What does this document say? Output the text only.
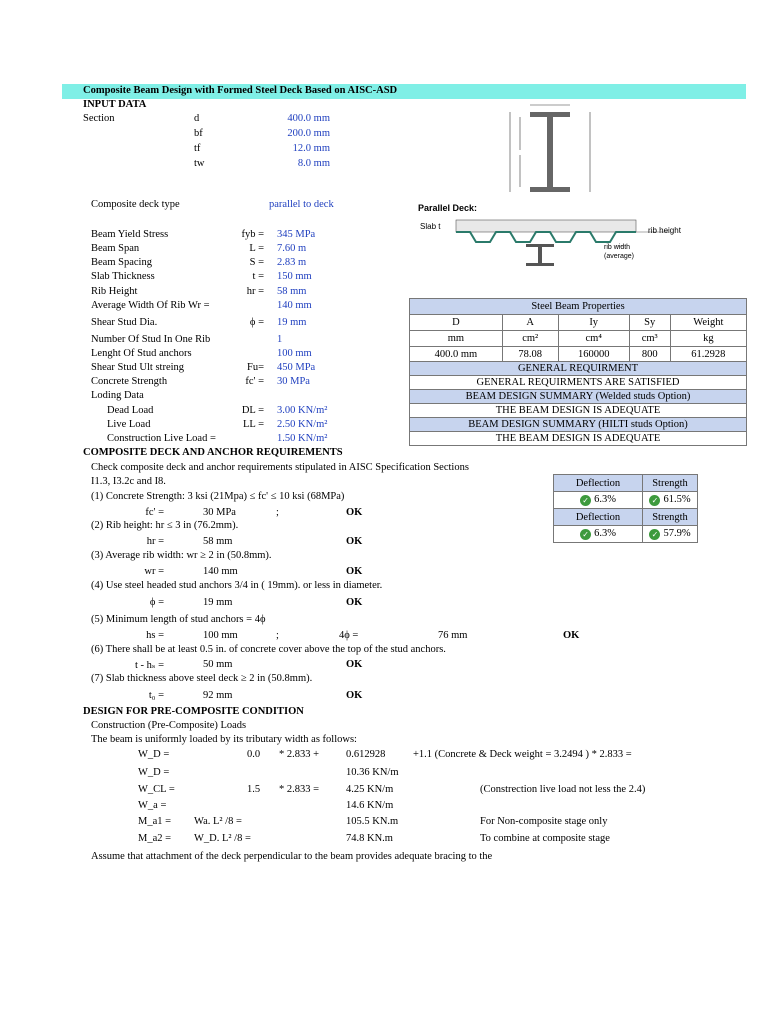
Composite Beam Design with Formed Steel Deck Based on AISC-ASD
INPUT DATA
Section	d	400.0 mm
bf	200.0 mm
tf	12.0 mm
tw	8.0 mm
Composite deck type	parallel to deck
Beam Yield Stress	fyb = 345 MPa
Beam Span	L = 7.60 m
Beam Spacing	S = 2.83 m
Slab Thickness	t = 150 mm
Rib Height	hr = 58 mm
Average Width Of Rib Wr =	140 mm
Shear Stud Dia.	ϕ = 19 mm
Number Of Stud In One Rib	1
Lenght Of Stud anchors	100 mm
Shear Stud Ult streing	Fu= 450 MPa
Concrete Strength	fc' = 30 MPa
Loding Data
Dead Load	DL = 3.00 KN/m²
Live Load	LL = 2.50 KN/m²
Construction Live Load =	1.50 KN/m²
Parallel Deck:
Slab t	rib height
rib width
(average)
Steel Beam Properties				
D	A	Iy	Sy	Weight
mm	cm²	cm⁴	cm³	kg
400.0 mm	78.08	160000	800	61.2928
GENERAL REQUIRMENT
GENERAL REQUIRMENTS ARE SATISFIED
BEAM DESIGN SUMMARY (Welded studs Option)
THE BEAM DESIGN IS ADEQUATE
BEAM DESIGN SUMMARY (HILTI studs Option)
THE BEAM DESIGN IS ADEQUATE
Deflection	Strength
✓ 6.3%	✓ 61.5%
Deflection	Strength
✓ 6.3%	✓ 57.9%
COMPOSITE DECK AND ANCHOR REQUIREMENTS
Check composite deck and anchor requirements stipulated in AISC Specification Sections
I1.3, I3.2c and I8.
(1) Concrete Strength: 3 ksi (21Mpa) ≤ fc' ≤ 10 ksi (68MPa)
fc' =	30 MPa	;	OK
(2) Rib height: hr ≤ 3 in (76.2mm).
hr =	58 mm	OK
(3) Average rib width: wr ≥ 2 in (50.8mm).
wr =	140 mm	OK
(4) Use steel headed stud anchors 3/4 in ( 19mm). or less in diameter.
ϕ =	19 mm	OK
(5) Minimum length of stud anchors = 4ϕ
hs =	100 mm	;	4ϕ =	76 mm	OK
(6) There shall be at least 0.5 in. of concrete cover above the top of the stud anchors.
t - hₛ =	50 mm	OK
(7) Slab thickness above steel deck ≥ 2 in (50.8mm).
t₀ =	92 mm	OK
DESIGN FOR PRE-COMPOSITE CONDITION
Construction (Pre-Composite) Loads
The beam is uniformly loaded by its tributary width as follows:
W_D =	0.0 * 2.833 +	0.612928	+1.1 (Concrete & Deck weight = 3.2494 ) * 2.833 =
W_D =	10.36 KN/m
W_CL =	1.5 * 2.833 =	4.25 KN/m	(Constrection live load not less the 2.4)
W_a =	14.6 KN/m
M_a1 = Wa. L² /8 =	105.5 KN.m	For Non-composite stage only
M_a2 = W_D. L² /8 =	74.8 KN.m	To combine at composite stage
Assume that attachment of the deck perpendicular to the beam provides adequate bracing to the
